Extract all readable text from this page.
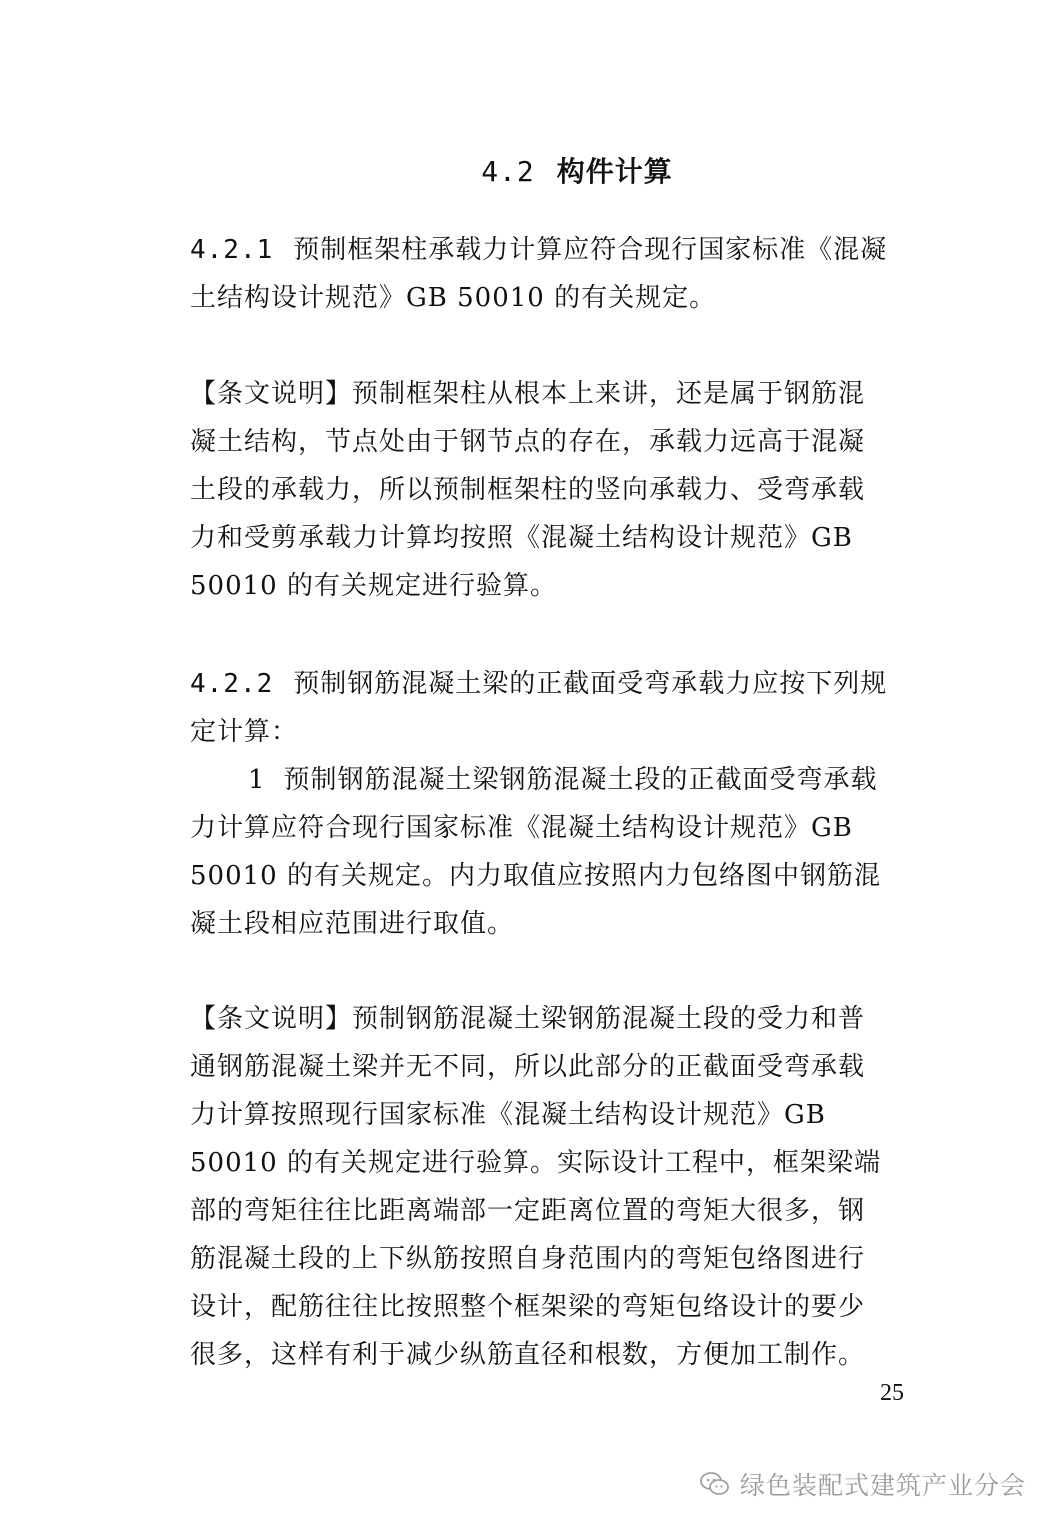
4.2 构件计算
4.2.1 预制框架柱承载力计算应符合现行国家标准《混凝
土结构设计规范》GB 50010 的有关规定。
【条文说明】预制框架柱从根本上来讲，还是属于钢筋混
凝土结构，节点处由于钢节点的存在，承载力远高于混凝
土段的承载力，所以预制框架柱的竖向承载力、受弯承载
力和受剪承载力计算均按照《混凝土结构设计规范》GB
50010 的有关规定进行验算。
4.2.2 预制钢筋混凝土梁的正截面受弯承载力应按下列规
定计算：
1 预制钢筋混凝土梁钢筋混凝土段的正截面受弯承载
力计算应符合现行国家标准《混凝土结构设计规范》GB
50010 的有关规定。内力取值应按照内力包络图中钢筋混
凝土段相应范围进行取值。
【条文说明】预制钢筋混凝土梁钢筋混凝土段的受力和普
通钢筋混凝土梁并无不同，所以此部分的正截面受弯承载
力计算按照现行国家标准《混凝土结构设计规范》GB
50010 的有关规定进行验算。实际设计工程中，框架梁端
部的弯矩往往比距离端部一定距离位置的弯矩大很多，钢
筋混凝土段的上下纵筋按照自身范围内的弯矩包络图进行
设计，配筋往往比按照整个框架梁的弯矩包络设计的要少
很多，这样有利于减少纵筋直径和根数，方便加工制作。
25
绿色装配式建筑产业分会
